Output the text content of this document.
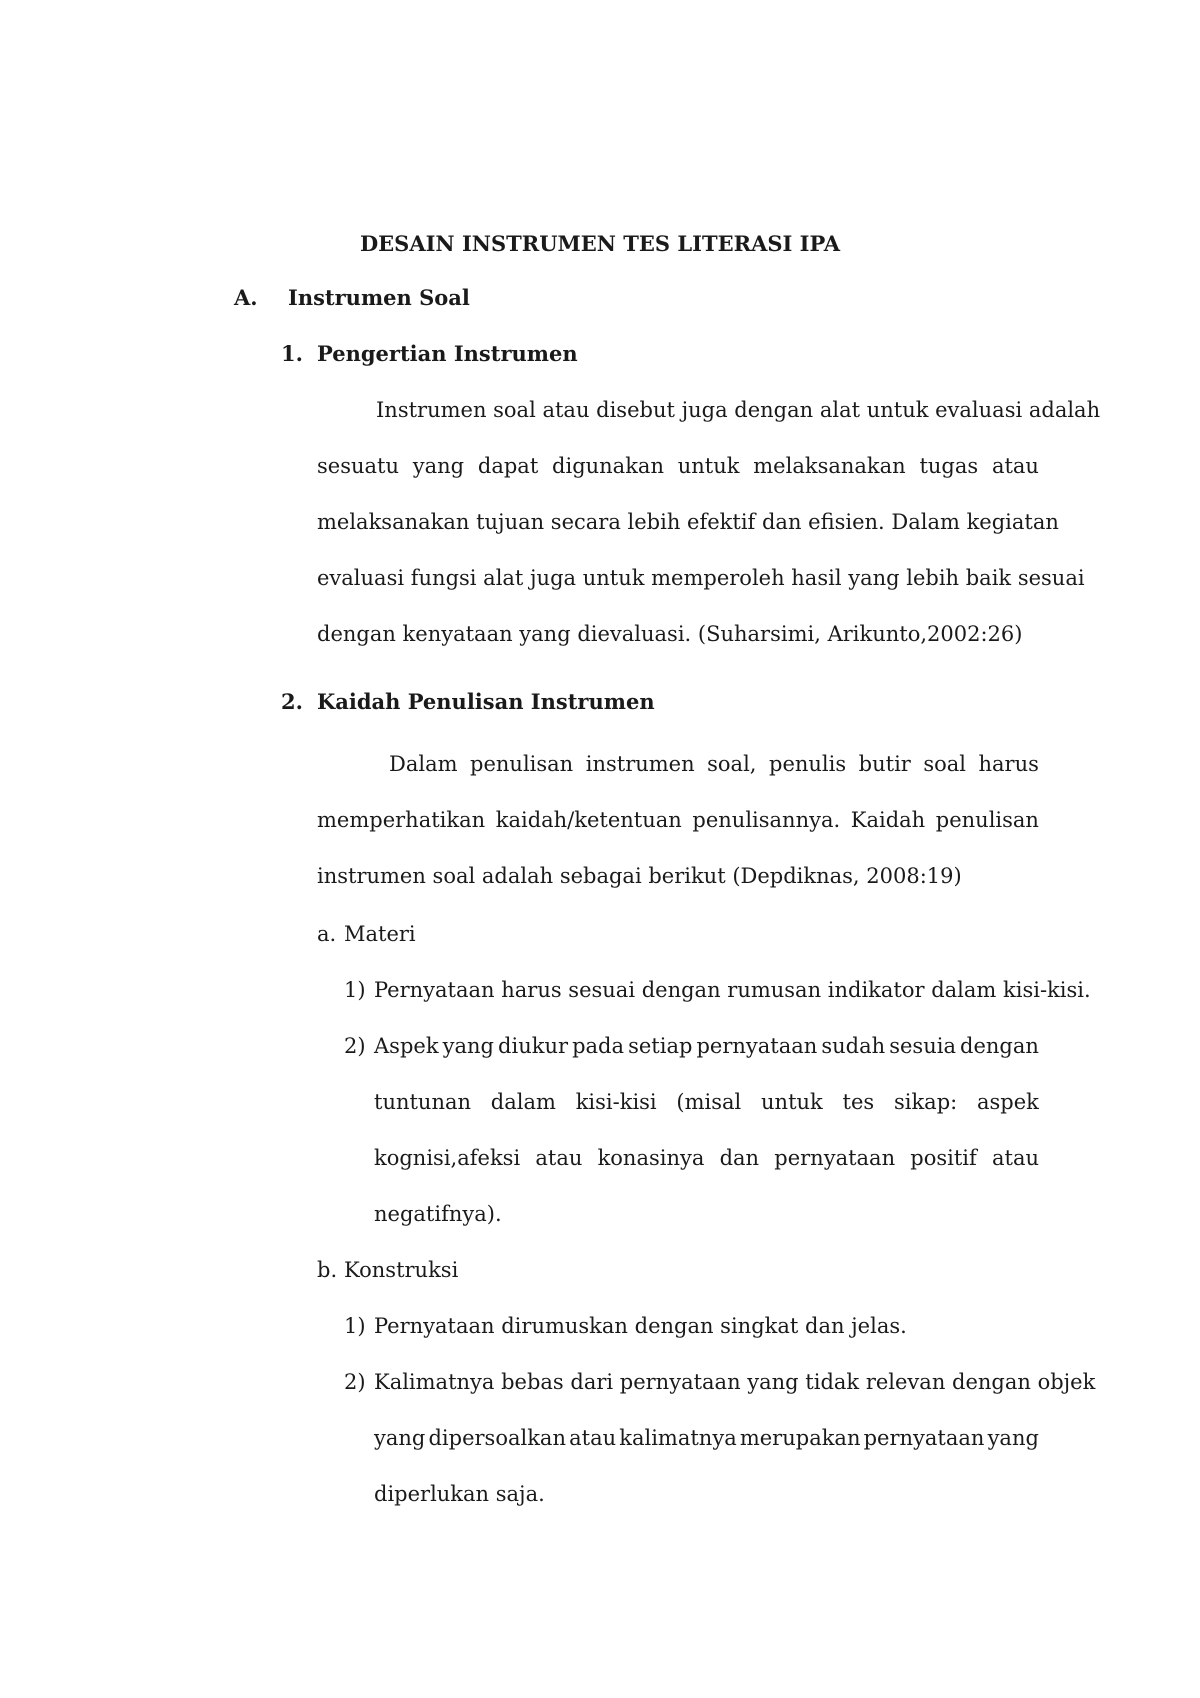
DESAIN INSTRUMEN TES LITERASI IPA
A. Instrumen Soal
1. Pengertian Instrumen
Instrumen soal atau disebut juga dengan alat untuk evaluasi adalah
sesuatu yang dapat digunakan untuk melaksanakan tugas atau
melaksanakan tujuan secara lebih efektif dan efisien. Dalam kegiatan
evaluasi fungsi alat juga untuk memperoleh hasil yang lebih baik sesuai
dengan kenyataan yang dievaluasi. (Suharsimi, Arikunto,2002:26)
2. Kaidah Penulisan Instrumen
Dalam penulisan instrumen soal, penulis butir soal harus
memperhatikan kaidah/ketentuan penulisannya. Kaidah penulisan
instrumen soal adalah sebagai berikut (Depdiknas, 2008:19)
a. Materi
1) Pernyataan harus sesuai dengan rumusan indikator dalam kisi-kisi.
2) Aspek yang diukur pada setiap pernyataan sudah sesuia dengan
tuntunan dalam kisi-kisi (misal untuk tes sikap: aspek
kognisi,afeksi atau konasinya dan pernyataan positif atau
negatifnya).
b. Konstruksi
1) Pernyataan dirumuskan dengan singkat dan jelas.
2) Kalimatnya bebas dari pernyataan yang tidak relevan dengan objek
yang dipersoalkan atau kalimatnya merupakan pernyataan yang
diperlukan saja.
